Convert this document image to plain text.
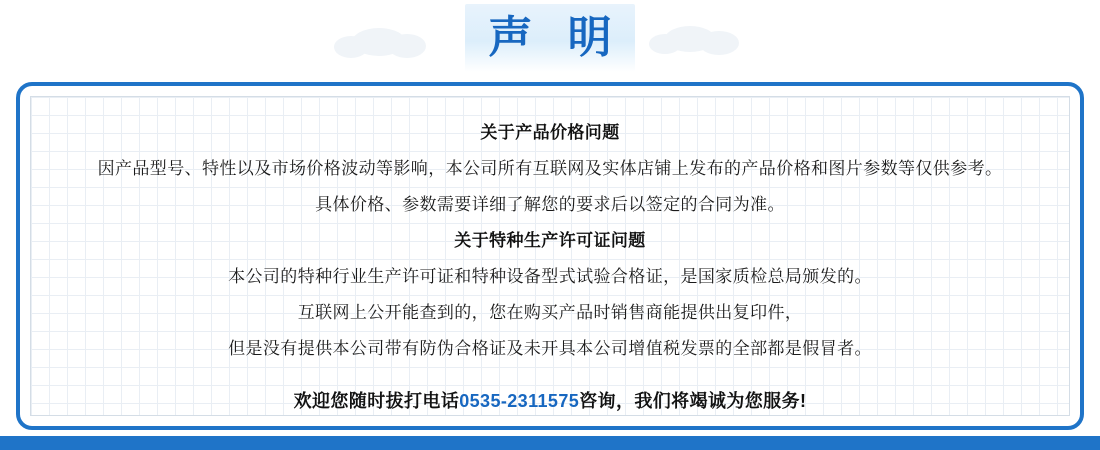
声 明
关于产品价格问题
因产品型号、特性以及市场价格波动等影响，本公司所有互联网及实体店铺上发布的产品价格和图片参数等仅供参考。
具体价格、参数需要详细了解您的要求后以签定的合同为准。
关于特种生产许可证问题
本公司的特种行业生产许可证和特种设备型式试验合格证，是国家质检总局颁发的。
互联网上公开能查到的，您在购买产品时销售商能提供出复印件，
但是没有提供本公司带有防伪合格证及未开具本公司增值税发票的全部都是假冒者。
欢迎您随时拔打电话0535-2311575咨询，我们将竭诚为您服务!
